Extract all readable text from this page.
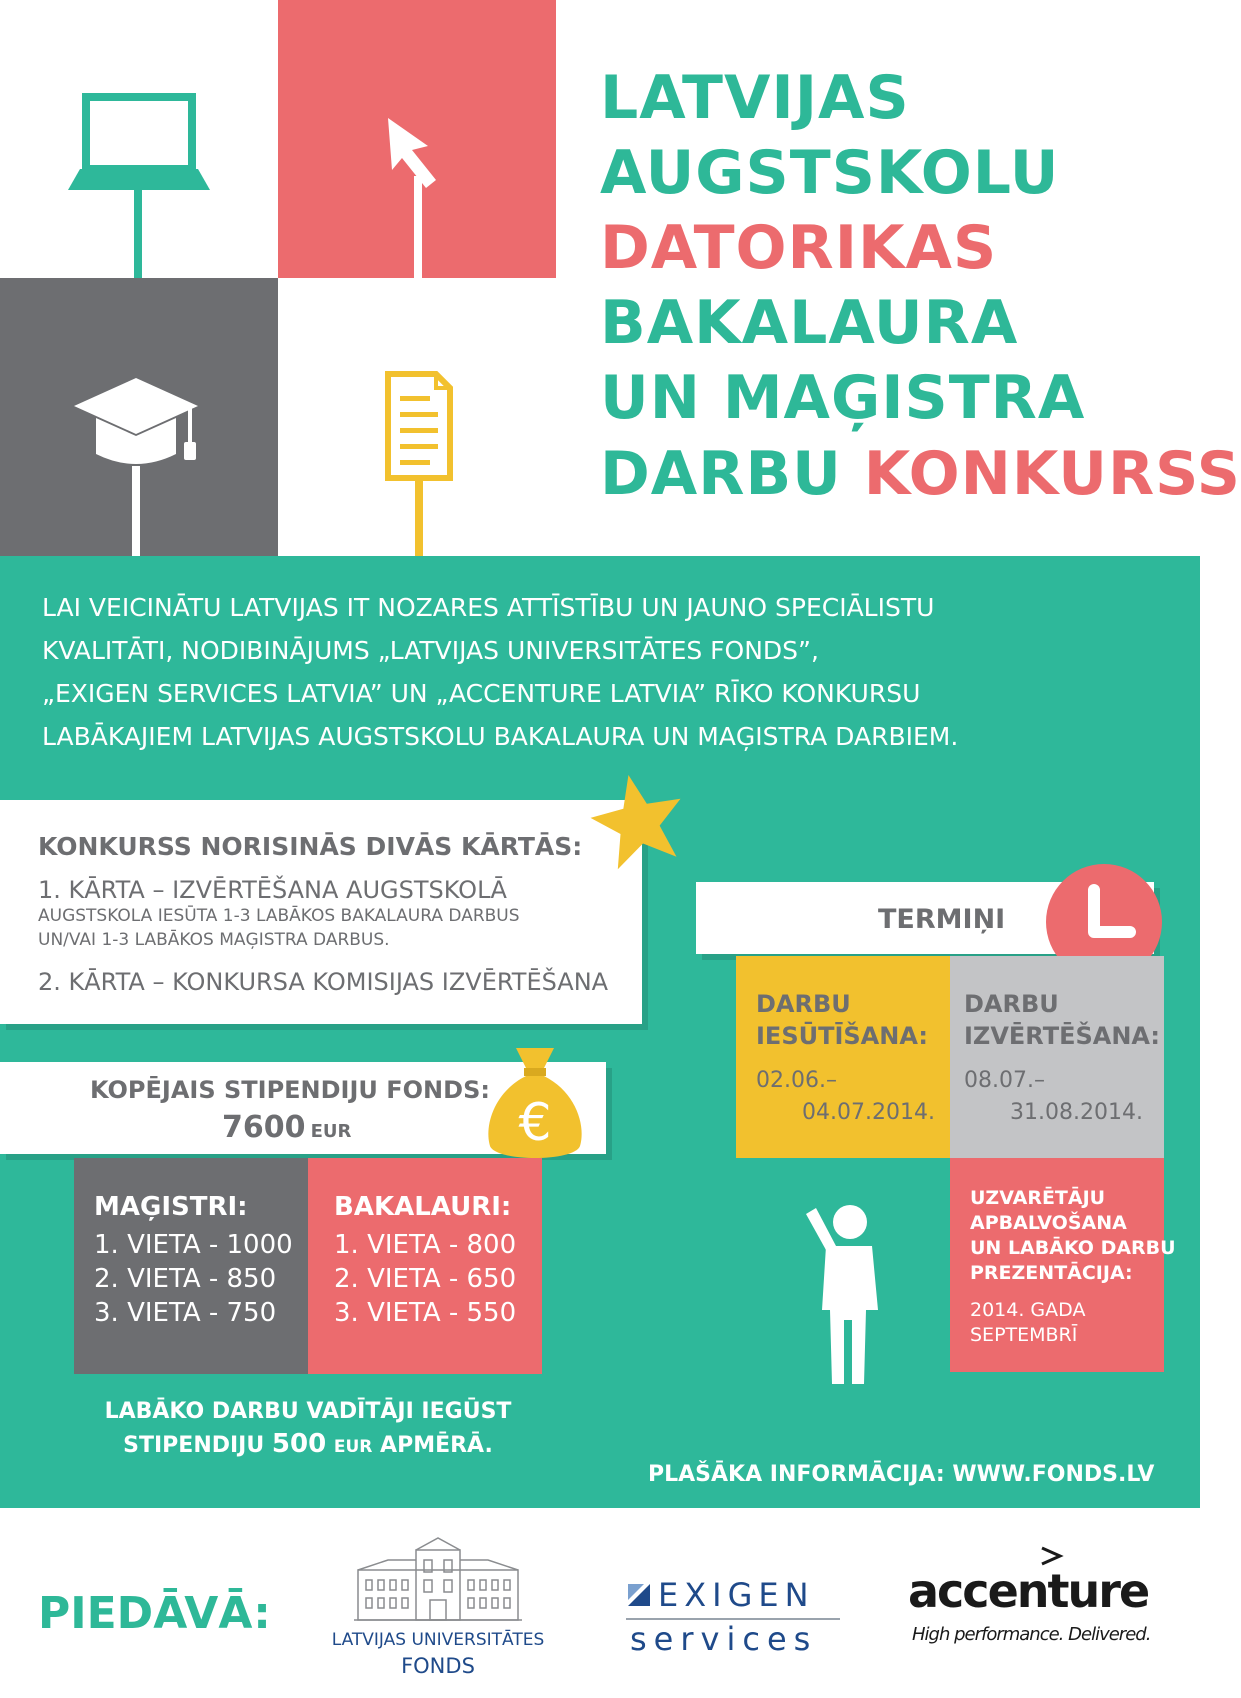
LATVIJAS
AUGSTSKOLU
DATORIKAS
BAKALAURA
UN MAĢISTRA
DARBU KONKURSS
LAI VEICINĀTU LATVIJAS IT NOZARES ATTĪSTĪBU UN JAUNO SPECIĀLISTU
KVALITĀTI, NODIBINĀJUMS „LATVIJAS UNIVERSITĀTES FONDS”,
„EXIGEN SERVICES LATVIA” UN „ACCENTURE LATVIA” RĪKO KONKURSU
LABĀKAJIEM LATVIJAS AUGSTSKOLU BAKALAURA UN MAĢISTRA DARBIEM.
KONKURSS NORISINĀS DIVĀS KĀRTĀS:
1. KĀRTA – IZVĒRTĒŠANA AUGSTSKOLĀ
AUGSTSKOLA IESŪTA 1-3 LABĀKOS BAKALAURA DARBUS
UN/VAI 1-3 LABĀKOS MAĢISTRA DARBUS.
2. KĀRTA – KONKURSA KOMISIJAS IZVĒRTĒŠANA
KOPĒJAIS STIPENDIJU FONDS:
7600 EUR	€
MAĢISTRI:
1. VIETA - 1000
2. VIETA - 850
3. VIETA - 750
BAKALAURI:
1. VIETA - 800
2. VIETA - 650
3. VIETA - 550
LABĀKO DARBU VADĪTĀJI IEGŪST
STIPENDIJU 500 EUR APMĒRĀ.
TERMIŅI
DARBU
IESŪTĪŠANA:
02.06.–
04.07.2014.
DARBU
IZVĒRTĒŠANA:
08.07.–
31.08.2014.
UZVARĒTĀJU
APBALVOŠANA
UN LABĀKO DARBU
PREZENTĀCIJA:
2014. GADA
SEPTEMBRĪ
PLAŠĀKA INFORMĀCIJA: WWW.FONDS.LV
PIEDĀVĀ:
LATVIJAS UNIVERSITĀTES
FONDS
EXIGEN
services
accenture
High performance. Delivered.
